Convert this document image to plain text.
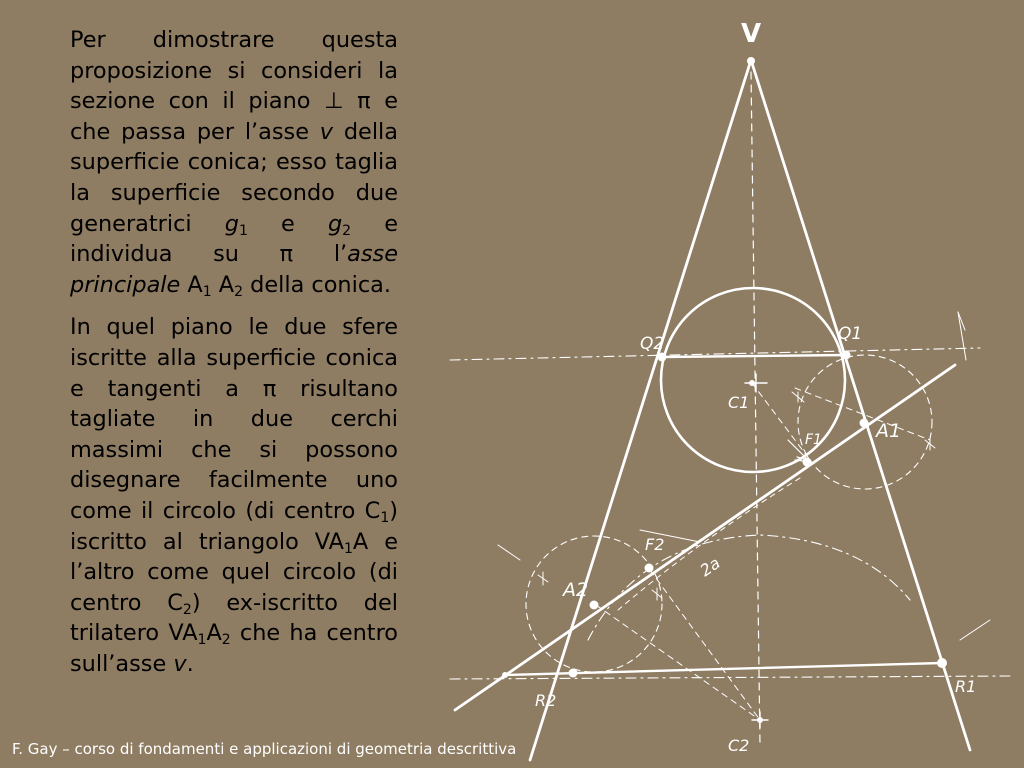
Per dimostrare questa proposizione si consideri la sezione con il piano ⊥ π e che passa per l’asse v della superficie conica; esso taglia la superficie secondo due generatrici $g_1$ e $g_2$ e individua su π l’asse principale $A_1$ $A_2$ della conica.

In quel piano le due sfere iscritte alla superficie conica e tangenti a π risultano tagliate in due cerchi massimi che si possono disegnare facilmente uno come il circolo (di centro $C_1$) iscritto al triangolo $VA_1A$ e l’altro come quel circolo (di centro $C_2$) ex-iscritto del trilatero $VA_1A_2$ che ha centro sull’asse v.

V
Q2	Q1
C1
F1	A1
F2
2a
A2
R2
R1
C2
F. Gay – corso di fondamenti e applicazioni di geometria descrittiva
